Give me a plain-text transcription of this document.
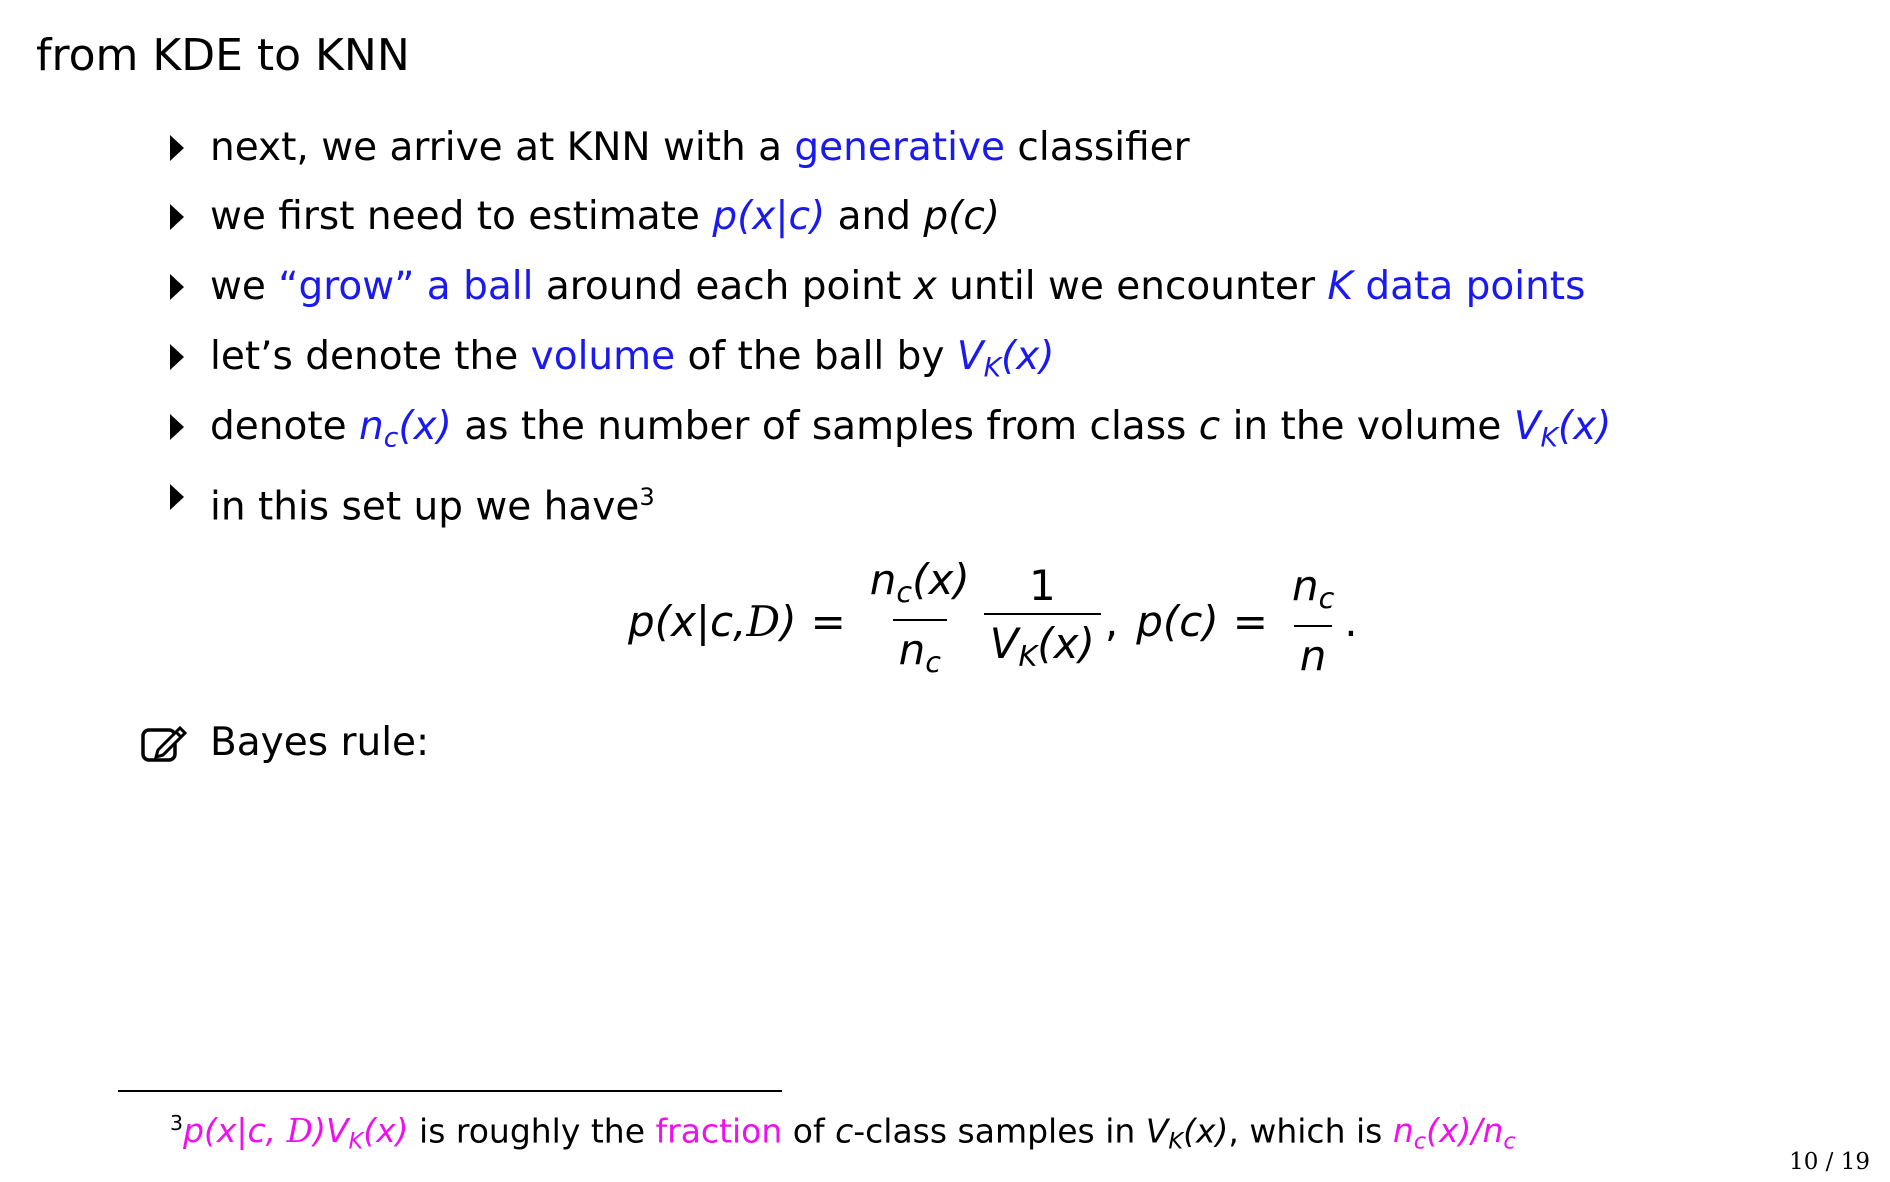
from KDE to KNN
next, we arrive at KNN with a generative classifier
we first need to estimate p(x|c) and p(c)
we “grow” a ball around each point x until we encounter K data points
let’s denote the volume of the ball by $V_K(x)$
denote $n_c(x)$ as the number of samples from class c in the volume $V_K(x)$
in this set up we have$^3$
p(x|c, D ) = $\frac{n_c(x)}{n_c} \frac{1}{V_K(x)}$ , $p(c) = \frac{n_c}{n}$ .
Bayes rule:
$^3$p(x|c, $D)V_K(x)$ is roughly the fraction of c-class samples in $V_K(x)$, which is $n_c(x)/n_c$
10 / 19
